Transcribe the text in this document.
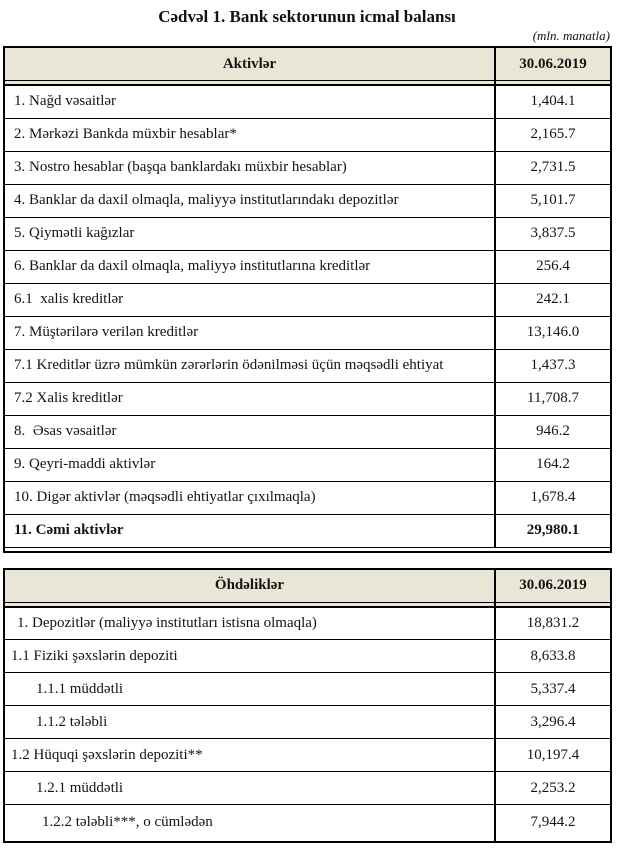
Cədvəl 1. Bank sektorunun icmal balansı
(mln. manatla)
Aktivlər	30.06.2019

1. Nağd vəsaitlər	1,404.1
2. Mərkəzi Bankda müxbir hesablar*	2,165.7
3. Nostro hesablar (başqa banklardakı müxbir hesablar)	2,731.5
4. Banklar da daxil olmaqla, maliyyə institutlarındakı depozitlər	5,101.7
5. Qiymətli kağızlar	3,837.5
6. Banklar da daxil olmaqla, maliyyə institutlarına kreditlər	256.4
6.1  xalis kreditlər	242.1
7. Müştərilərə verilən kreditlər	13,146.0
7.1 Kreditlər üzrə mümkün zərərlərin ödənilməsi üçün məqsədli ehtiyat	1,437.3
7.2 Xalis kreditlər	11,708.7
8.  Əsas vəsaitlər	946.2
9. Qeyri-maddi aktivlər	164.2
10. Digər aktivlər (məqsədli ehtiyatlar çıxılmaqla)	1,678.4
11. Cəmi aktivlər	29,980.1

Öhdəliklər	30.06.2019

1. Depozitlər (maliyyə institutları istisna olmaqla)	18,831.2
1.1 Fiziki şəxslərin depoziti	8,633.8
1.1.1 müddətli	5,337.4
1.1.2 tələbli	3,296.4
1.2 Hüquqi şəxslərin depoziti**	10,197.4
1.2.1 müddətli	2,253.2
1.2.2 tələbli***, o cümlədən	7,944.2
